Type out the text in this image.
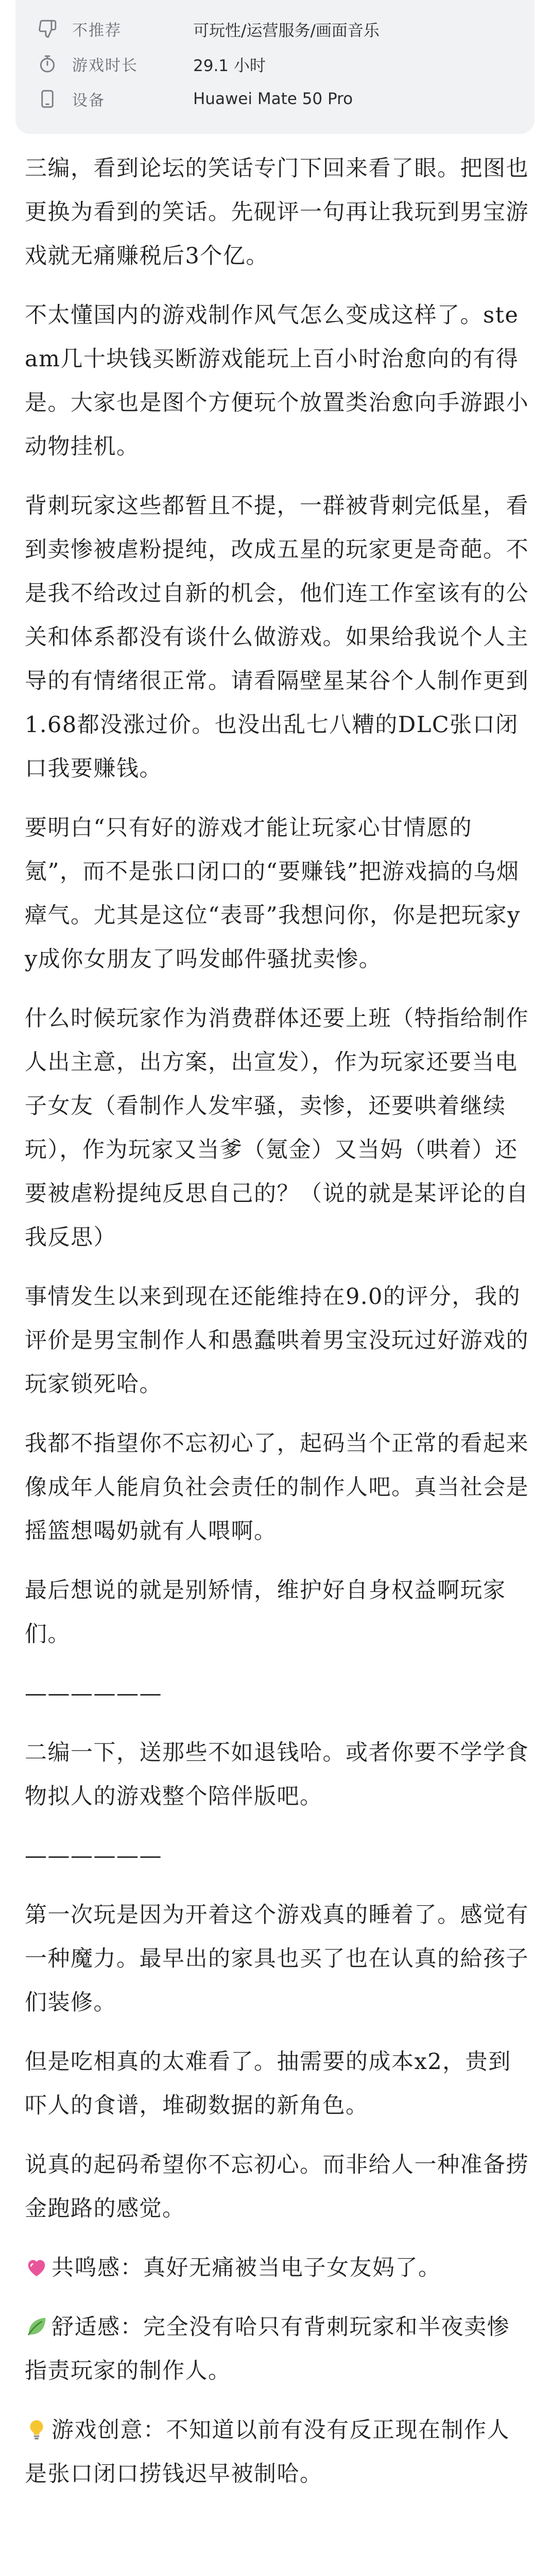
不推荐	可玩性/运营服务/画面音乐
游戏时长	29.1 小时
设备	Huawei Mate 50 Pro

三编，看到论坛的笑话专门下回来看了眼。把图也更换为看到的笑话。先砚评一句再让我玩到男宝游戏就无痛赚税后3个亿。

不太懂国内的游戏制作风气怎么变成这样了。steam几十块钱买断游戏能玩上百小时治愈向的有得是。大家也是图个方便玩个放置类治愈向手游跟小动物挂机。

背刺玩家这些都暂且不提，一群被背刺完低星，看到卖惨被虐粉提纯，改成五星的玩家更是奇葩。不是我不给改过自新的机会，他们连工作室该有的公关和体系都没有谈什么做游戏。如果给我说个人主导的有情绪很正常。请看隔壁星某谷个人制作更到1.68都没涨过价。也没出乱七八糟的DLC张口闭口我要赚钱。

要明白“只有好的游戏才能让玩家心甘情愿的氪”，而不是张口闭口的“要赚钱”把游戏搞的乌烟瘴气。尤其是这位“表哥”我想问你，你是把玩家yy成你女朋友了吗发邮件骚扰卖惨。

什么时候玩家作为消费群体还要上班（特指给制作人出主意，出方案，出宣发），作为玩家还要当电子女友（看制作人发牢骚，卖惨，还要哄着继续玩），作为玩家又当爹（氪金）又当妈（哄着）还要被虐粉提纯反思自己的？（说的就是某评论的自我反思）

事情发生以来到现在还能维持在9.0的评分，我的评价是男宝制作人和愚蠢哄着男宝没玩过好游戏的玩家锁死哈。

我都不指望你不忘初心了，起码当个正常的看起来像成年人能肩负社会责任的制作人吧。真当社会是摇篮想喝奶就有人喂啊。

最后想说的就是别矫情，维护好自身权益啊玩家们。

——————

二编一下，送那些不如退钱哈。或者你要不学学食物拟人的游戏整个陪伴版吧。

——————

第一次玩是因为开着这个游戏真的睡着了。感觉有一种魔力。最早出的家具也买了也在认真的給孩子们装修。

但是吃相真的太难看了。抽需要的成本x2，贵到吓人的食谱，堆砌数据的新角色。

说真的起码希望你不忘初心。而非给人一种准备捞金跑路的感觉。

共鸣感：真好无痛被当电子女友妈了。

舒适感：完全没有哈只有背刺玩家和半夜卖惨指责玩家的制作人。

游戏创意：不知道以前有没有反正现在制作人是张口闭口捞钱迟早被制哈。
